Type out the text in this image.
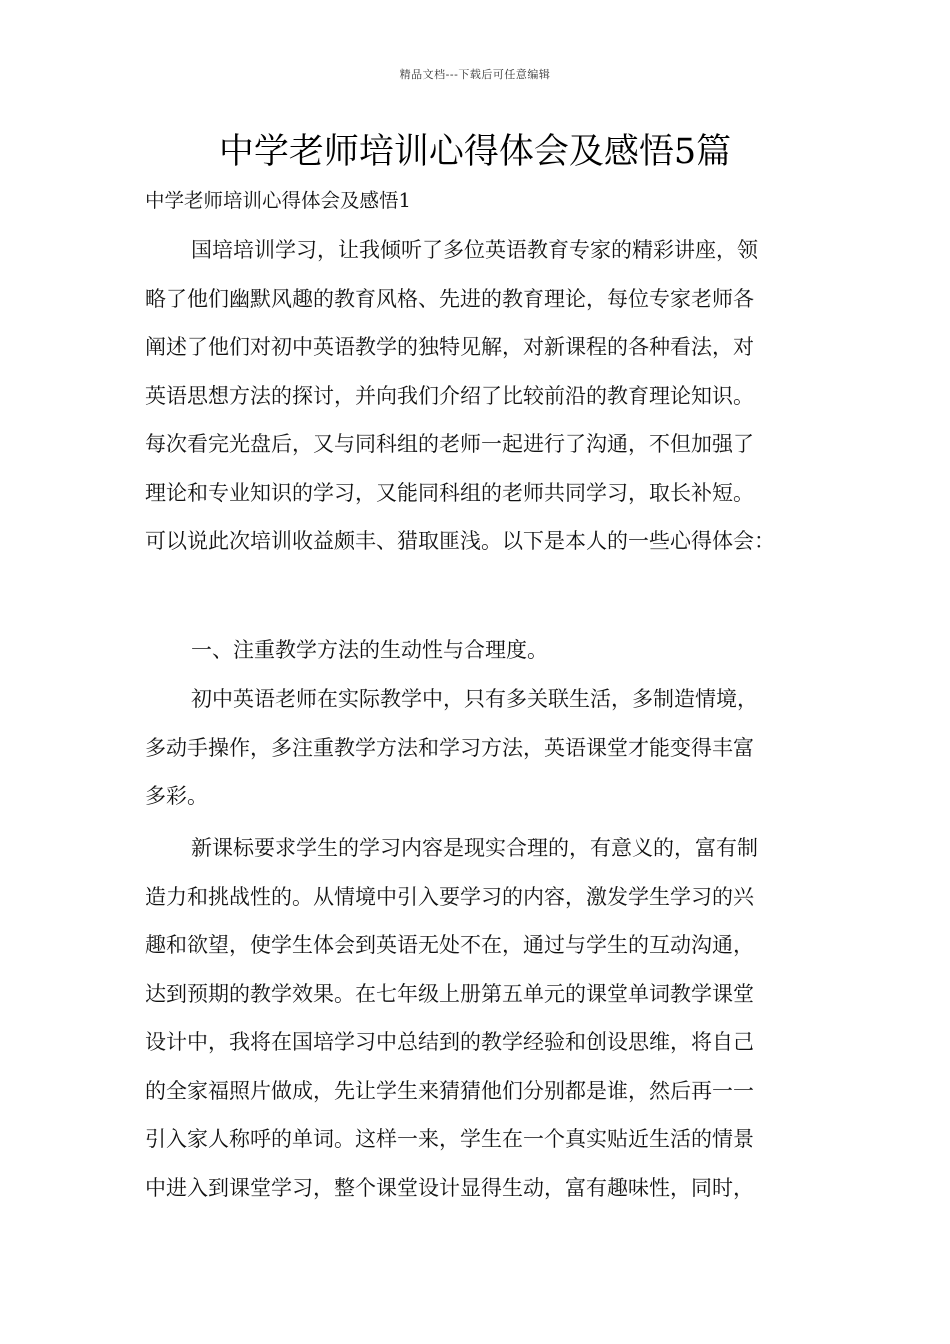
精品文档---下载后可任意编辑
中学老师培训心得体会及感悟5篇
中学老师培训心得体会及感悟1
国培培训学习，让我倾听了多位英语教育专家的精彩讲座，领
略了他们幽默风趣的教育风格、先进的教育理论，每位专家老师各
阐述了他们对初中英语教学的独特见解，对新课程的各种看法，对
英语思想方法的探讨，并向我们介绍了比较前沿的教育理论知识。
每次看完光盘后，又与同科组的老师一起进行了沟通，不但加强了
理论和专业知识的学习，又能同科组的老师共同学习，取长补短。
可以说此次培训收益颇丰、猎取匪浅。以下是本人的一些心得体会：
一、注重教学方法的生动性与合理度。
初中英语老师在实际教学中，只有多关联生活，多制造情境，
多动手操作，多注重教学方法和学习方法，英语课堂才能变得丰富
多彩。
新课标要求学生的学习内容是现实合理的，有意义的，富有制
造力和挑战性的。从情境中引入要学习的内容，激发学生学习的兴
趣和欲望，使学生体会到英语无处不在，通过与学生的互动沟通，
达到预期的教学效果。在七年级上册第五单元的课堂单词教学课堂
设计中，我将在国培学习中总结到的教学经验和创设思维，将自己
的全家福照片做成，先让学生来猜猜他们分别都是谁，然后再一一
引入家人称呼的单词。这样一来，学生在一个真实贴近生活的情景
中进入到课堂学习，整个课堂设计显得生动，富有趣味性，同时，
